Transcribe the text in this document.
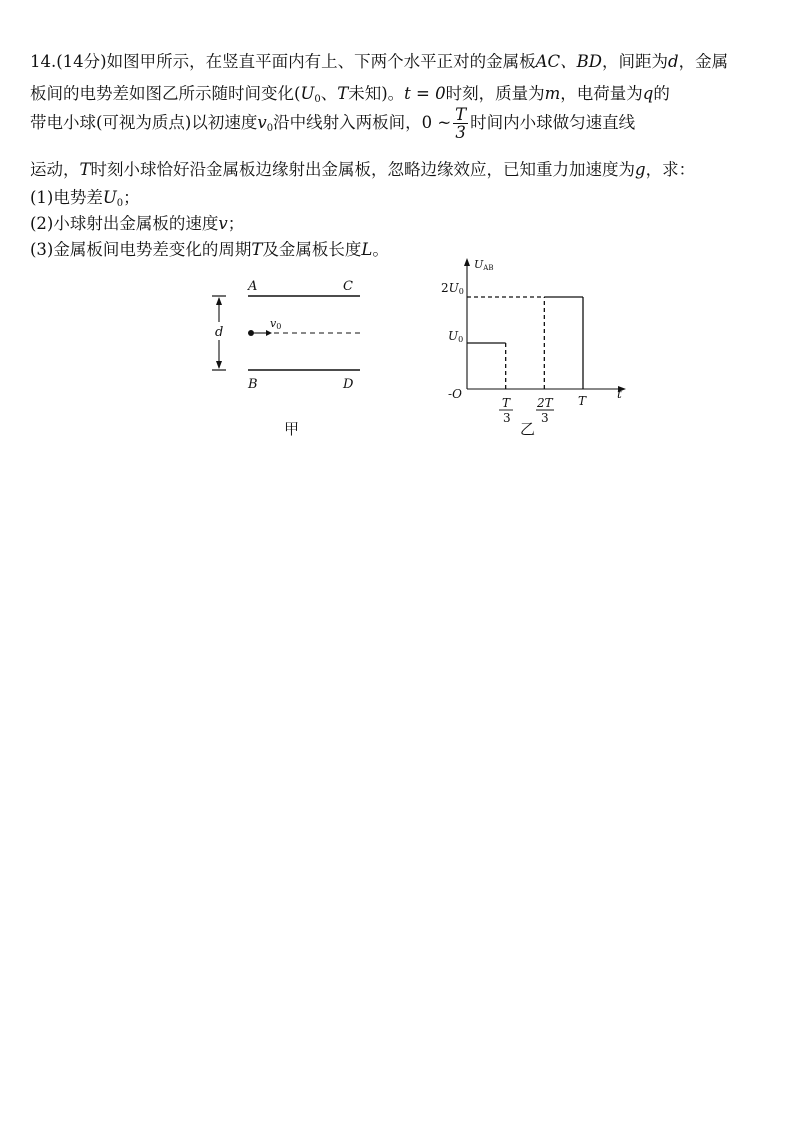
14.(14分)如图甲所示，在竖直平面内有上、下两个水平正对的金属板AC、BD，间距为d，金属
板间的电势差如图乙所示随时间变化($U_0$、T未知)。t = 0时刻，质量为m，电荷量为q的
带电小球(可视为质点)以初速度$v_0$沿中线射入两板间，0 ~ $\frac{T}{3}$ 时间内小球做匀速直线
运动，T时刻小球恰好沿金属板边缘射出金属板，忽略边缘效应，已知重力加速度为g，求：
(1)电势差$U_0$；
(2)小球射出金属板的速度v；
(3)金属板间电势差变化的周期T及金属板长度L。
A	C
B	D
d
v0
甲
UAB
t
-O
2U0
U0
T
3
2T
3
T
乙
